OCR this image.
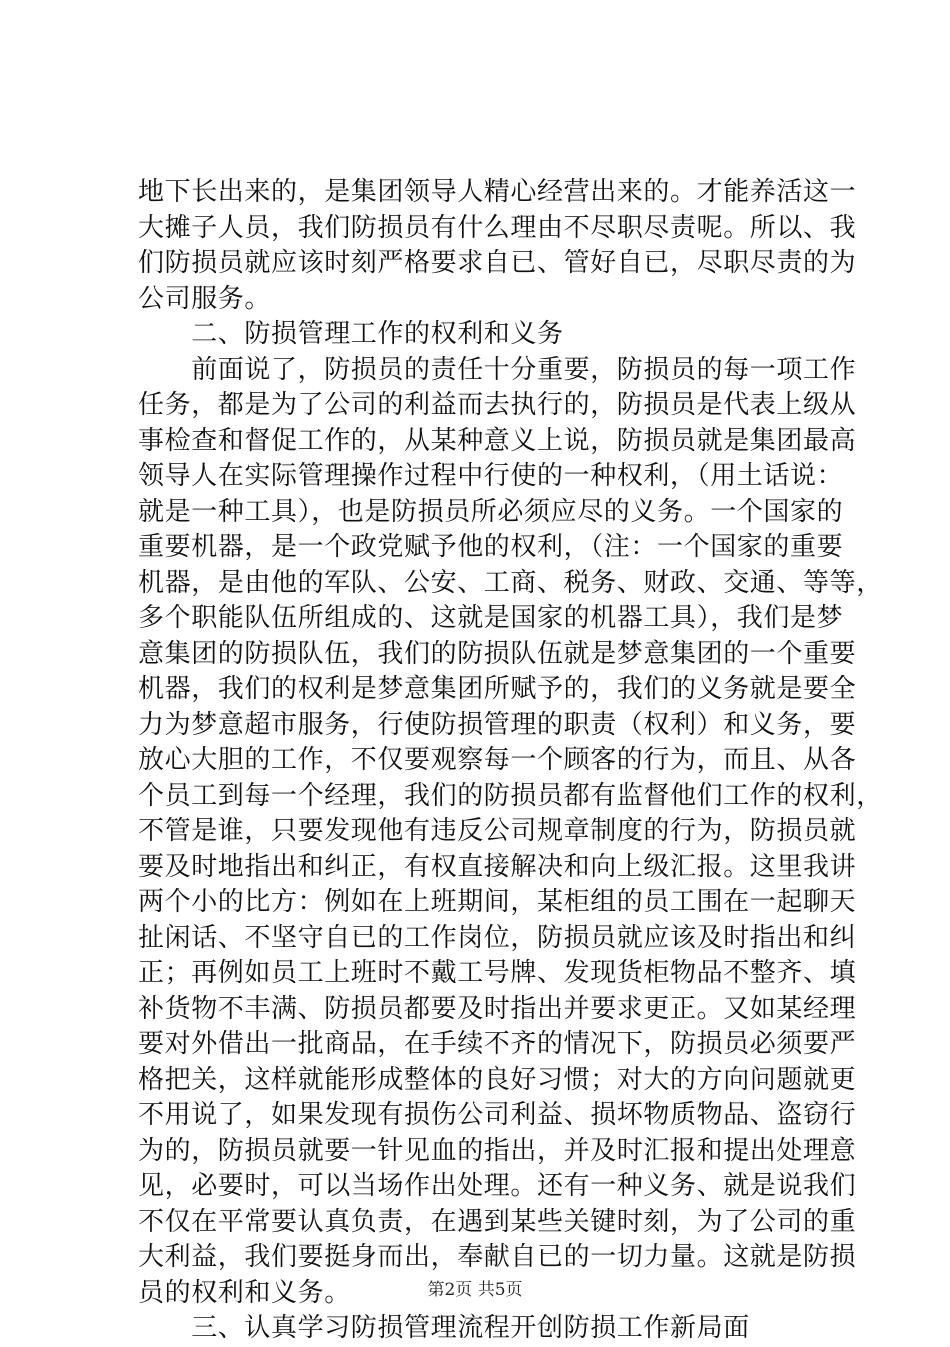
地下长出来的，是集团领导人精心经营出来的。才能养活这一
大摊子人员，我们防损员有什么理由不尽职尽责呢。所以、我
们防损员就应该时刻严格要求自已、管好自已，尽职尽责的为
公司服务。
　　二、防损管理工作的权利和义务
　　前面说了，防损员的责任十分重要，防损员的每一项工作
任务，都是为了公司的利益而去执行的，防损员是代表上级从
事检查和督促工作的，从某种意义上说，防损员就是集团最高
领导人在实际管理操作过程中行使的一种权利，（用土话说：
就是一种工具），也是防损员所必须应尽的义务。一个国家的
重要机器，是一个政党赋予他的权利，（注：一个国家的重要
机器，是由他的军队、公安、工商、税务、财政、交通、等等，
多个职能队伍所组成的、这就是国家的机器工具），我们是梦
意集团的防损队伍，我们的防损队伍就是梦意集团的一个重要
机器，我们的权利是梦意集团所赋予的，我们的义务就是要全
力为梦意超市服务，行使防损管理的职责（权利）和义务，要
放心大胆的工作，不仅要观察每一个顾客的行为，而且、从各
个员工到每一个经理，我们的防损员都有监督他们工作的权利，
不管是谁，只要发现他有违反公司规章制度的行为，防损员就
要及时地指出和纠正，有权直接解决和向上级汇报。这里我讲
两个小的比方：例如在上班期间，某柜组的员工围在一起聊天
扯闲话、不坚守自已的工作岗位，防损员就应该及时指出和纠
正；再例如员工上班时不戴工号牌、发现货柜物品不整齐、填
补货物不丰满、防损员都要及时指出并要求更正。又如某经理
要对外借出一批商品，在手续不齐的情况下，防损员必须要严
格把关，这样就能形成整体的良好习惯；对大的方向问题就更
不用说了，如果发现有损伤公司利益、损坏物质物品、盗窃行
为的，防损员就要一针见血的指出，并及时汇报和提出处理意
见，必要时，可以当场作出处理。还有一种义务、就是说我们
不仅在平常要认真负责，在遇到某些关键时刻，为了公司的重
大利益，我们要挺身而出，奉献自已的一切力量。这就是防损
员的权利和义务。
　　三、认真学习防损管理流程开创防损工作新局面
第2页 共5页
